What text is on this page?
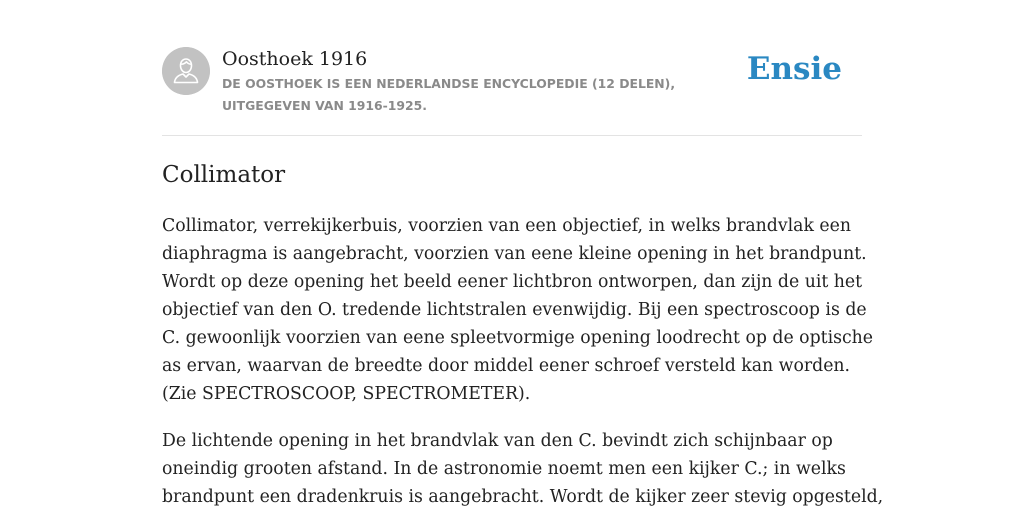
Oosthoek 1916
DE OOSTHOEK IS EEN NEDERLANDSE ENCYCLOPEDIE (12 DELEN), UITGEGEVEN VAN 1916-1925.
Ensie
Collimator

Collimator, verrekijkerbuis, voorzien van een objectief, in welks brandvlak een
diaphragma is aangebracht, voorzien van eene kleine opening in het brandpunt.
Wordt op deze opening het beeld eener lichtbron ontworpen, dan zijn de uit het
objectief van den O. tredende lichtstralen evenwijdig. Bij een spectroscoop is de
C. gewoonlijk voorzien van eene spleetvormige opening loodrecht op de optische
as ervan, waarvan de breedte door middel eener schroef versteld kan worden.
(Zie SPECTROSCOOP, SPECTROMETER).

De lichtende opening in het brandvlak van den C. bevindt zich schijnbaar op
oneindig grooten afstand. In de astronomie noemt men een kijker C.; in welks
brandpunt een dradenkruis is aangebracht. Wordt de kijker zeer stevig opgesteld,
